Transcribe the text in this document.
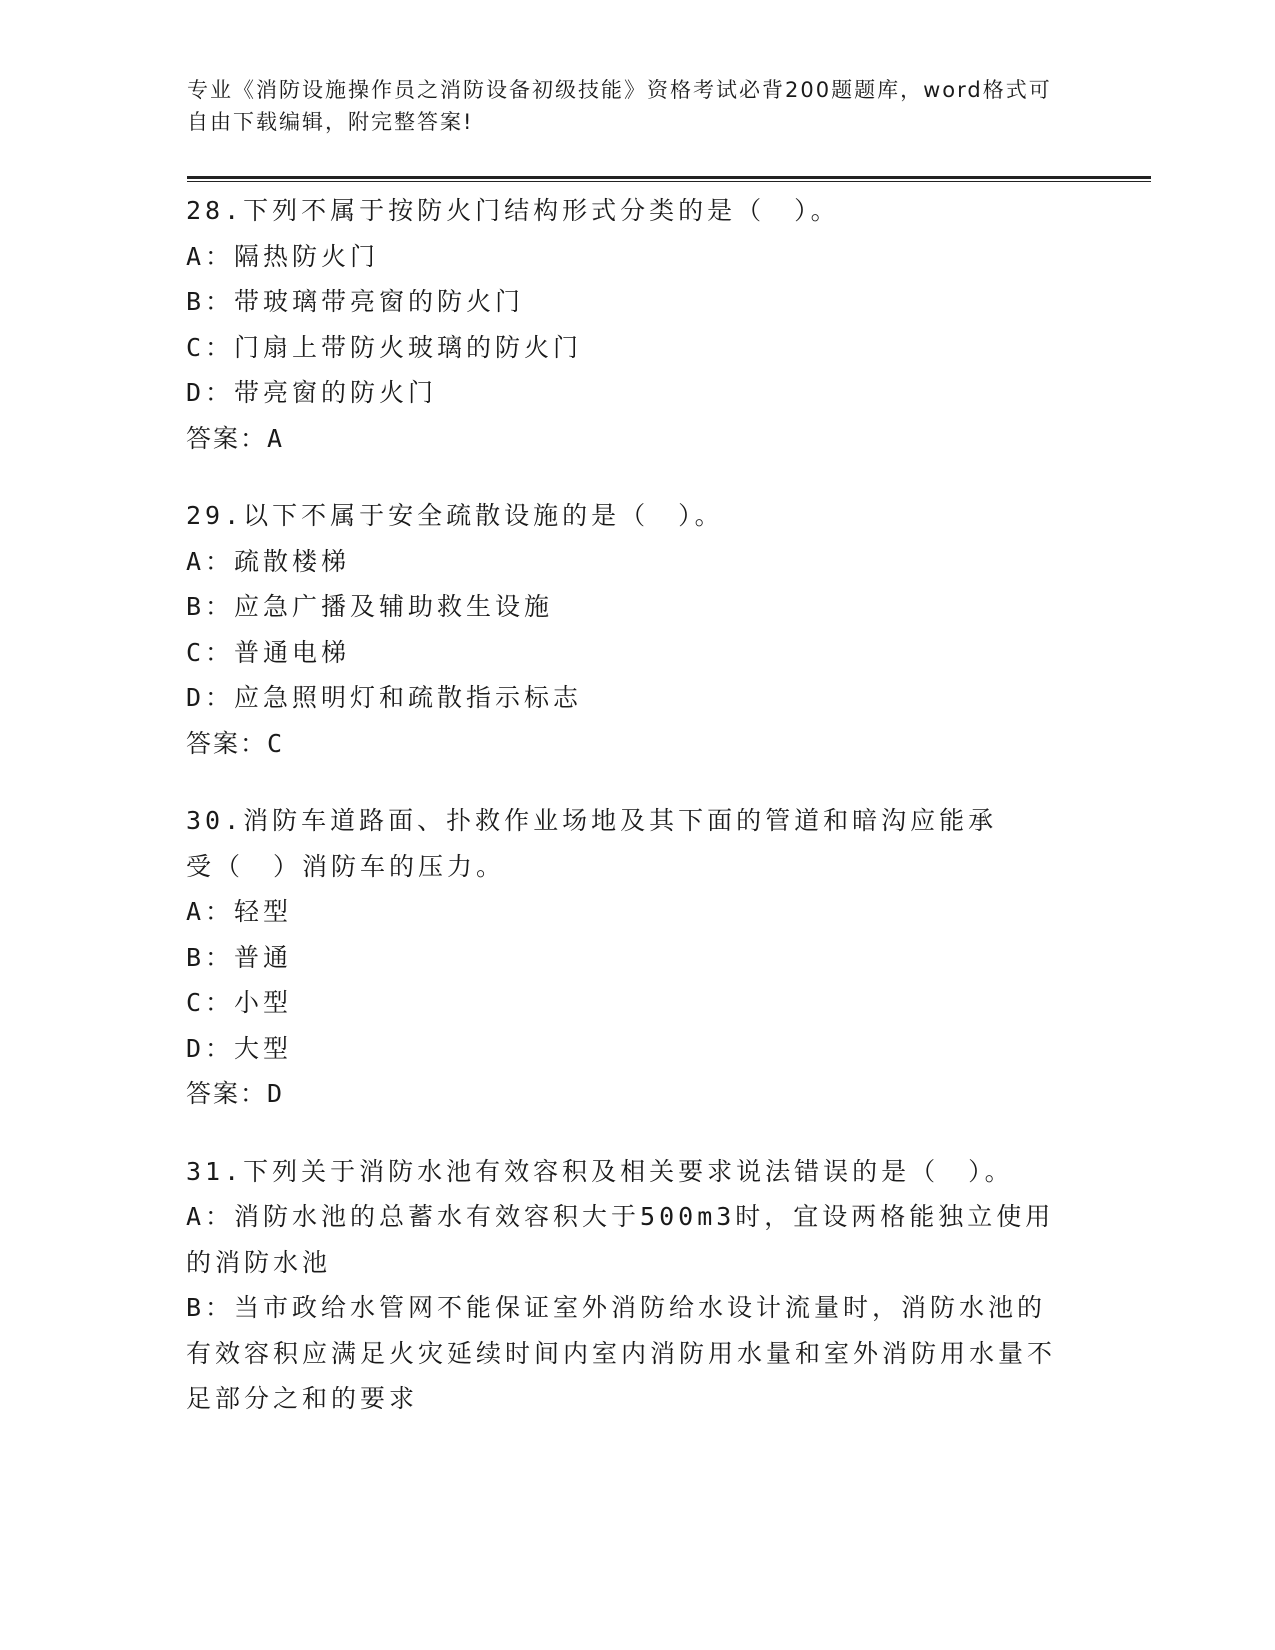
专业《消防设施操作员之消防设备初级技能》资格考试必背200题题库，word格式可自由下载编辑，附完整答案!
28.下列不属于按防火门结构形式分类的是（　）。
A：隔热防火门
B：带玻璃带亮窗的防火门
C：门扇上带防火玻璃的防火门
D：带亮窗的防火门
答案：A
29.以下不属于安全疏散设施的是（　）。
A：疏散楼梯
B：应急广播及辅助救生设施
C：普通电梯
D：应急照明灯和疏散指示标志
答案：C
30.消防车道路面、扑救作业场地及其下面的管道和暗沟应能承受（　）消防车的压力。
A：轻型
B：普通
C：小型
D：大型
答案：D
31.下列关于消防水池有效容积及相关要求说法错误的是（　）。
A：消防水池的总蓄水有效容积大于500m3时，宜设两格能独立使用的消防水池
B：当市政给水管网不能保证室外消防给水设计流量时，消防水池的有效容积应满足火灾延续时间内室内消防用水量和室外消防用水量不足部分之和的要求
